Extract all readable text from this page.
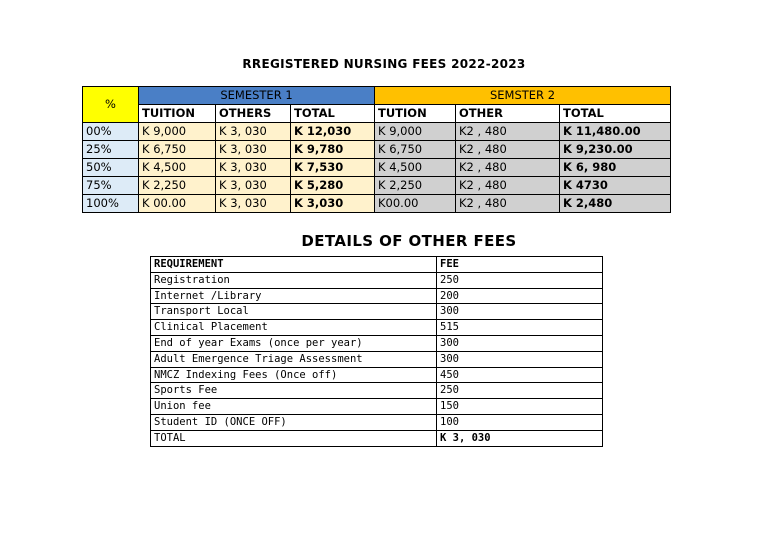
RREGISTERED NURSING FEES 2022-2023
%	SEMESTER 1			SEMSTER 2		
	TUITION	OTHERS	TOTAL	TUTION	OTHER	TOTAL
00%	K 9,000	K 3, 030	K 12,030	K 9,000	K2 , 480	K 11,480.00
25%	K 6,750	K 3, 030	K 9,780	K 6,750	K2 , 480	K 9,230.00
50%	K 4,500	K 3, 030	K 7,530	K 4,500	K2 , 480	K 6, 980
75%	K 2,250	K 3, 030	K 5,280	K 2,250	K2 , 480	K 4730
100%	K 00.00	K 3, 030	K 3,030	K00.00	K2 , 480	K 2,480
DETAILS OF OTHER FEES
REQUIREMENT	FEE
Registration	250
Internet /Library	200
Transport Local	300
Clinical Placement	515
End of year Exams (once per year)	300
Adult Emergence Triage Assessment	300
NMCZ Indexing Fees (Once off)	450
Sports Fee	250
Union fee	150
Student ID (ONCE OFF)	100
TOTAL	K 3, 030
